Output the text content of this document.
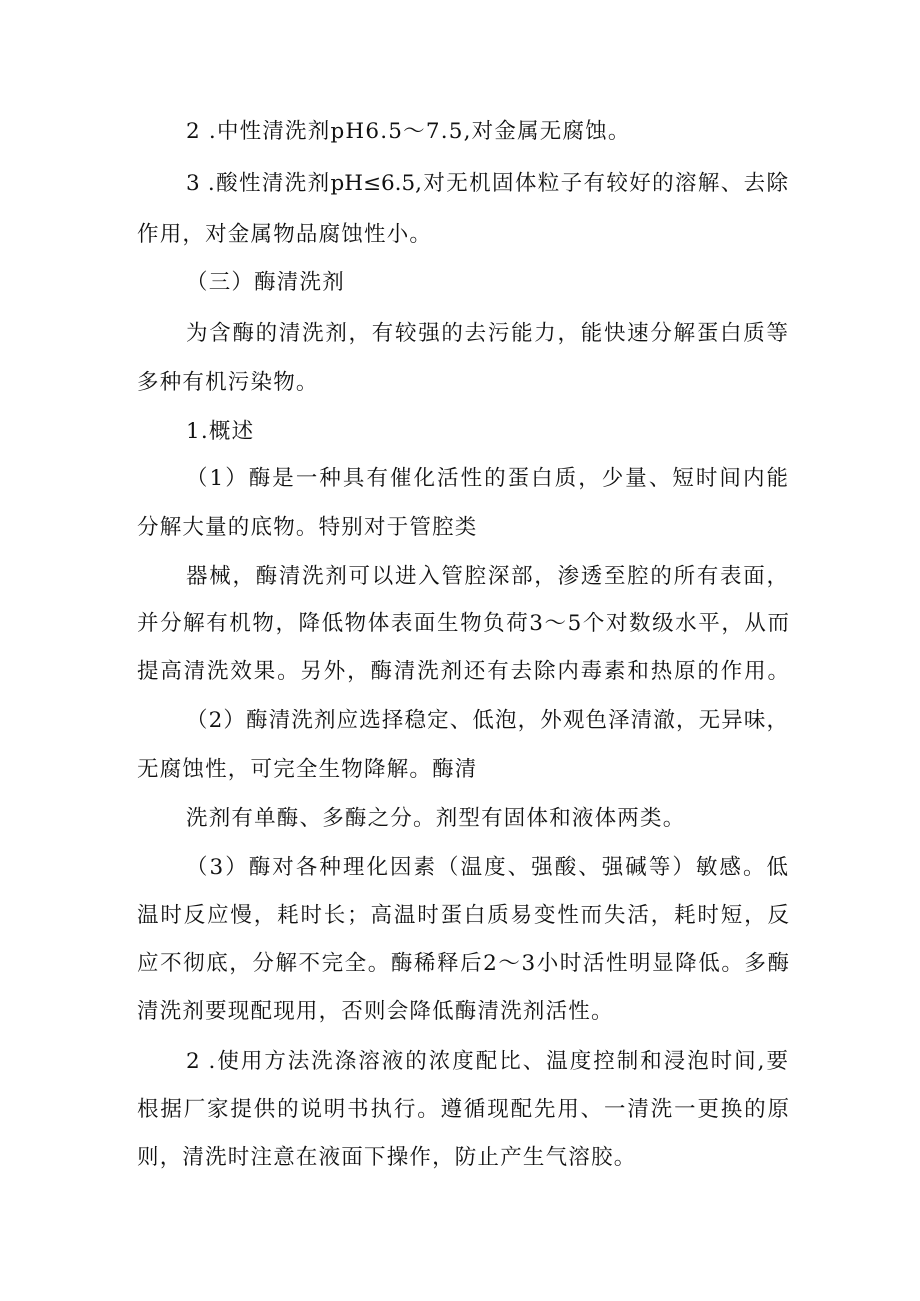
2 .中性清洗剂pH6.5～7.5,对金属无腐蚀。
3 .酸性清洗剂pH≤6.5,对无机固体粒子有较好的溶解、去除
作用，对金属物品腐蚀性小。
（三）酶清洗剂
为含酶的清洗剂，有较强的去污能力，能快速分解蛋白质等
多种有机污染物。
1.概述
（1）酶是一种具有催化活性的蛋白质，少量、短时间内能
分解大量的底物。特别对于管腔类
器械，酶清洗剂可以进入管腔深部，渗透至腔的所有表面，
并分解有机物，降低物体表面生物负荷3～5个对数级水平，从而
提高清洗效果。另外，酶清洗剂还有去除内毒素和热原的作用。
（2）酶清洗剂应选择稳定、低泡，外观色泽清澈，无异味，
无腐蚀性，可完全生物降解。酶清
洗剂有单酶、多酶之分。剂型有固体和液体两类。
（3）酶对各种理化因素（温度、强酸、强碱等）敏感。低
温时反应慢，耗时长；高温时蛋白质易变性而失活，耗时短，反
应不彻底，分解不完全。酶稀释后2～3小时活性明显降低。多酶
清洗剂要现配现用，否则会降低酶清洗剂活性。
2 .使用方法洗涤溶液的浓度配比、温度控制和浸泡时间,要
根据厂家提供的说明书执行。遵循现配先用、一清洗一更换的原
则，清洗时注意在液面下操作，防止产生气溶胶。
